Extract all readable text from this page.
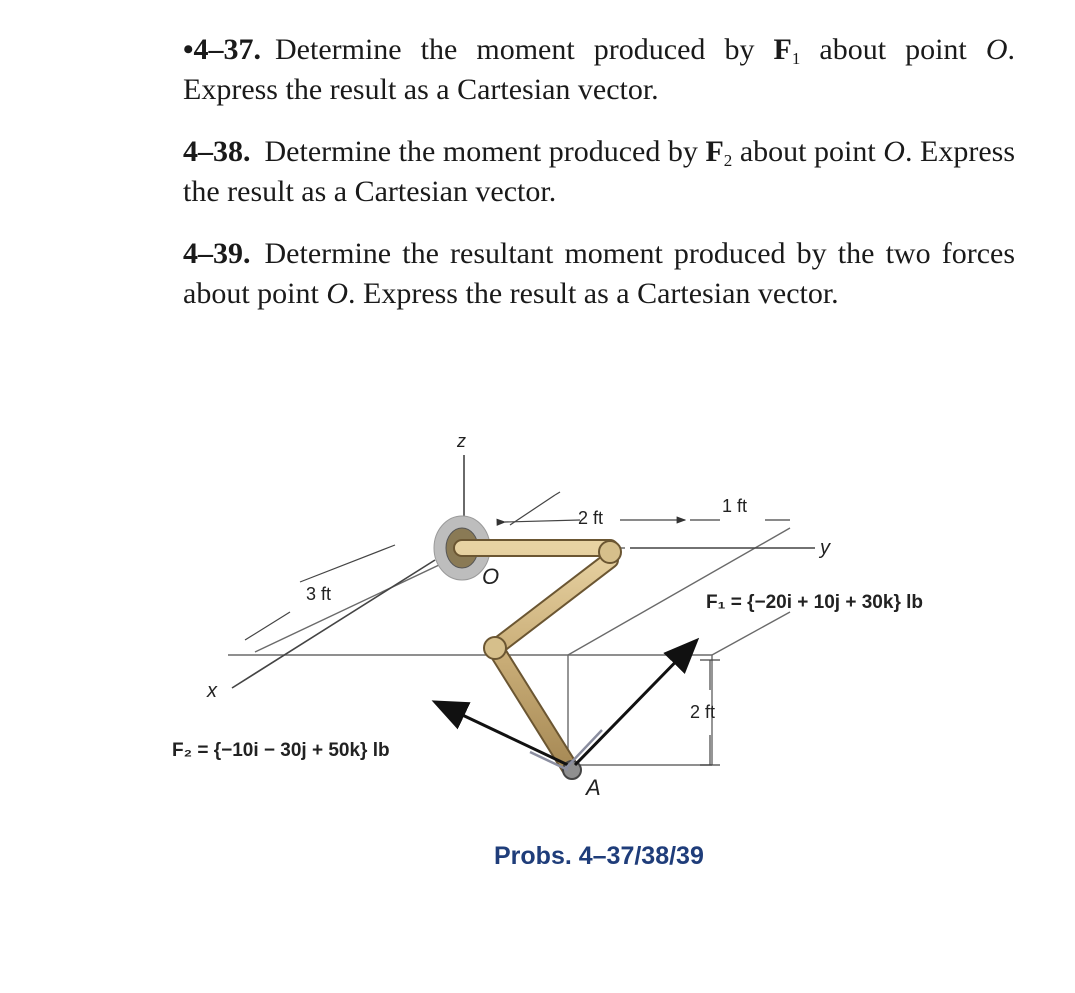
•4–37. Determine the moment produced by $F_1$ about point O. Express the result as a Cartesian vector.
4–38. Determine the moment produced by $F_2$ about point O. Express the result as a Cartesian vector.
4–39. Determine the resultant moment produced by the two forces about point O. Express the result as a Cartesian vector.
z
y
x
O
A
2 ft
1 ft
3 ft
2 ft
F₁ = {−20i + 10j + 30k} lb
F₂ = {−10i − 30j + 50k} lb
Probs. 4–37/38/39
